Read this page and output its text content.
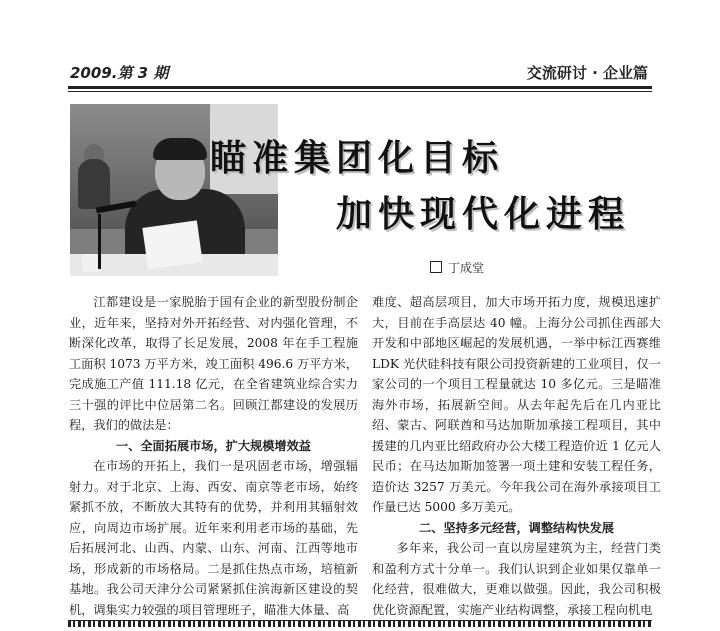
2009.第 3 期	交流研讨 · 企业篇
瞄准集团化目标
加快现代化进程
丁成堂

江都建设是一家脱胎于国有企业的新型股份制企业，近年来，坚持对外开拓经营、对内强化管理，不断深化改革，取得了长足发展，2008 年在手工程施工面积 1073 万平方米，竣工面积 496.6 万平方米，完成施工产值 111.18 亿元，在全省建筑业综合实力三十强的评比中位居第二名。回顾江都建设的发展历程，我们的做法是：

一、全面拓展市场，扩大规模增效益

在市场的开拓上，我们一是巩固老市场，增强辐射力。对于北京、上海、西安、南京等老市场，始终紧抓不放，不断放大其特有的优势，并利用其辐射效应，向周边市场扩展。近年来利用老市场的基础，先后拓展河北、山西、内蒙、山东、河南、江西等地市场，形成新的市场格局。二是抓住热点市场，培植新基地。我公司天津分公司紧紧抓住滨海新区建设的契机，调集实力较强的项目管理班子，瞄准大体量、高

难度、超高层项目，加大市场开拓力度，规模迅速扩大，目前在手高层达 40 幢。上海分公司抓住西部大开发和中部地区崛起的发展机遇，一举中标江西赛维 LDK 光伏硅科技有限公司投资新建的工业项目，仅一家公司的一个项目工程量就达 10 多亿元。三是瞄准海外市场，拓展新空间。从去年起先后在几内亚比绍、蒙古、阿联酋和马达加斯加承接工程项目，其中援建的几内亚比绍政府办公大楼工程造价近 1 亿元人民币；在马达加斯加签署一项土建和安装工程任务，造价达 3257 万美元。今年我公司在海外承接项目工作量已达 5000 多万美元。

二、坚持多元经营，调整结构快发展

多年来，我公司一直以房屋建筑为主，经营门类和盈利方式十分单一。我们认识到企业如果仅靠单一化经营，很难做大，更难以做强。因此，我公司积极优化资源配置，实施产业结构调整，承接工程向机电
